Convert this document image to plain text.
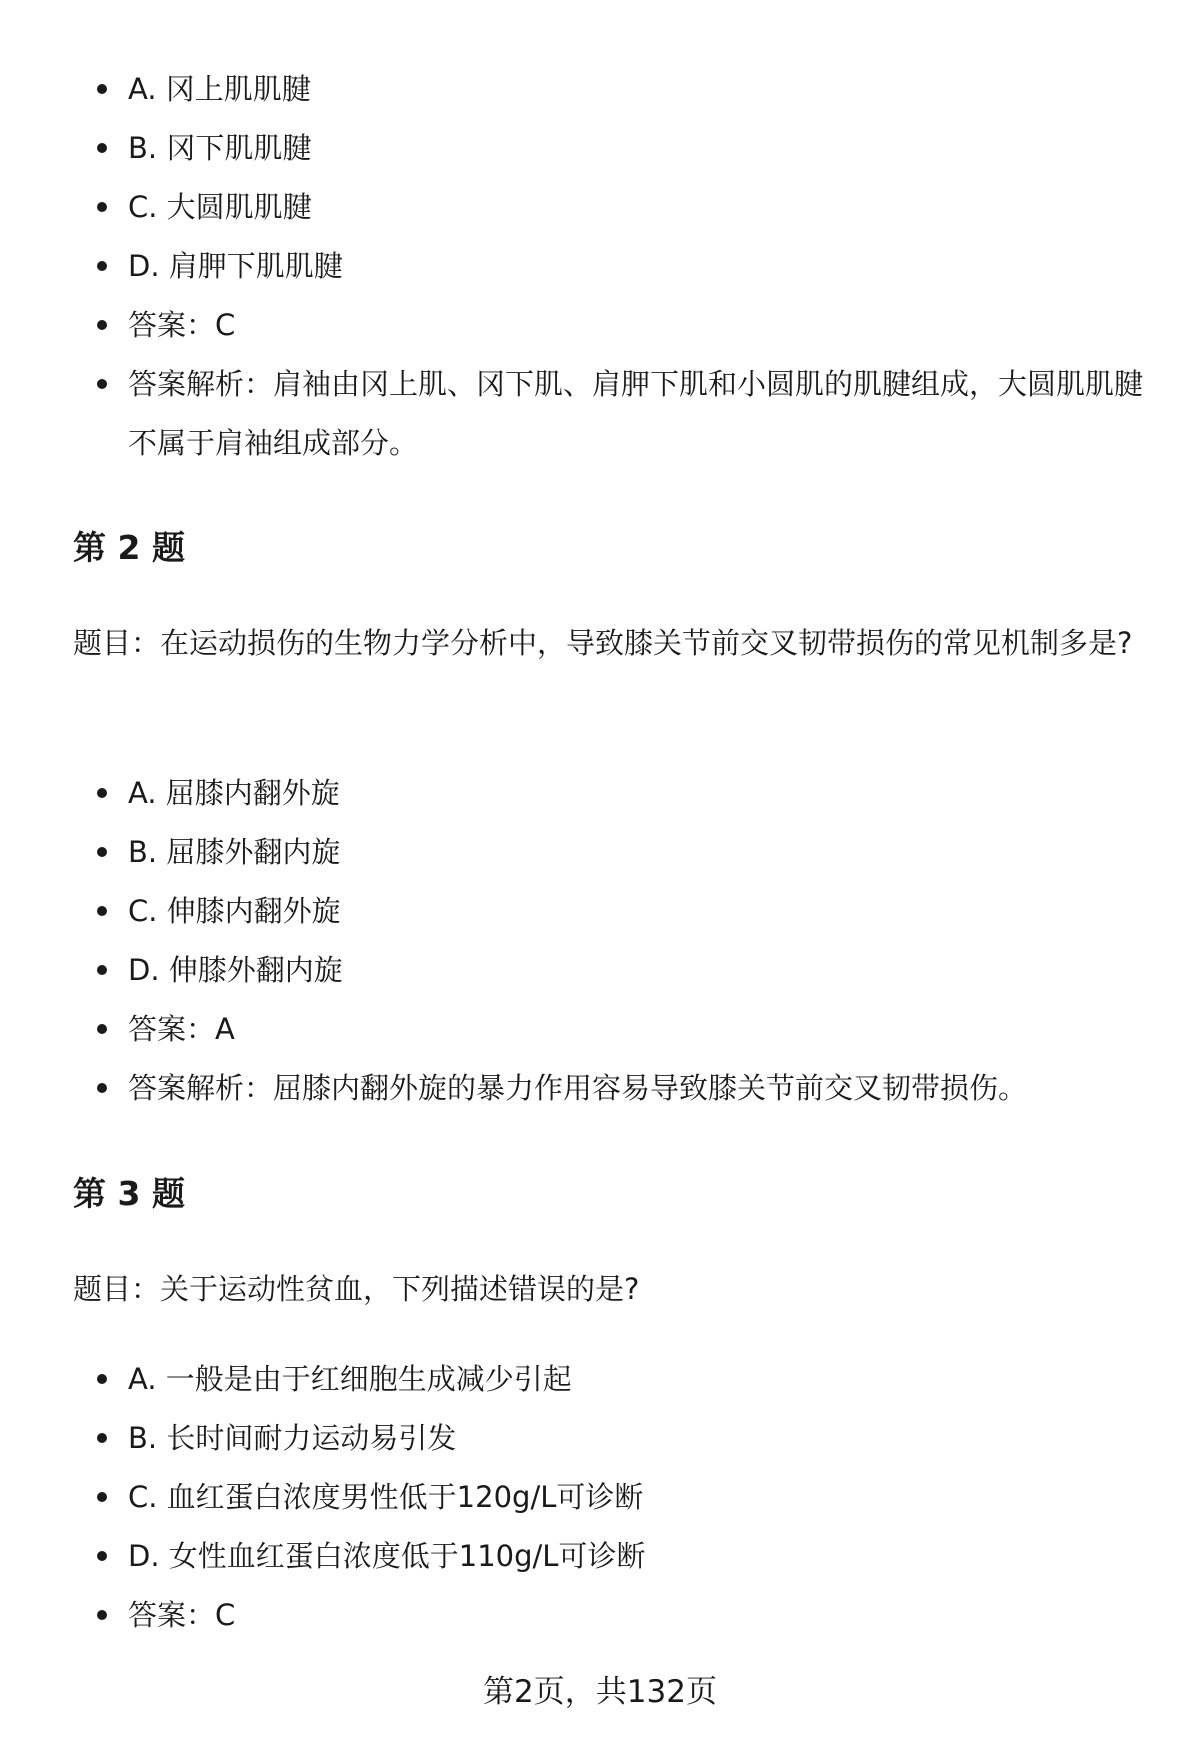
A. 冈上肌肌腱
B. 冈下肌肌腱
C. 大圆肌肌腱
D. 肩胛下肌肌腱
答案：C
答案解析：肩袖由冈上肌、冈下肌、肩胛下肌和小圆肌的肌腱组成，大圆肌肌腱不属于肩袖组成部分。
第 2 题

题目：在运动损伤的生物力学分析中，导致膝关节前交叉韧带损伤的常见机制多是?

A. 屈膝内翻外旋
B. 屈膝外翻内旋
C. 伸膝内翻外旋
D. 伸膝外翻内旋
答案：A
答案解析：屈膝内翻外旋的暴力作用容易导致膝关节前交叉韧带损伤。
第 3 题

题目：关于运动性贫血，下列描述错误的是?

A. 一般是由于红细胞生成减少引起
B. 长时间耐力运动易引发
C. 血红蛋白浓度男性低于120g/L可诊断
D. 女性血红蛋白浓度低于110g/L可诊断
答案：C
第2页，共132页
